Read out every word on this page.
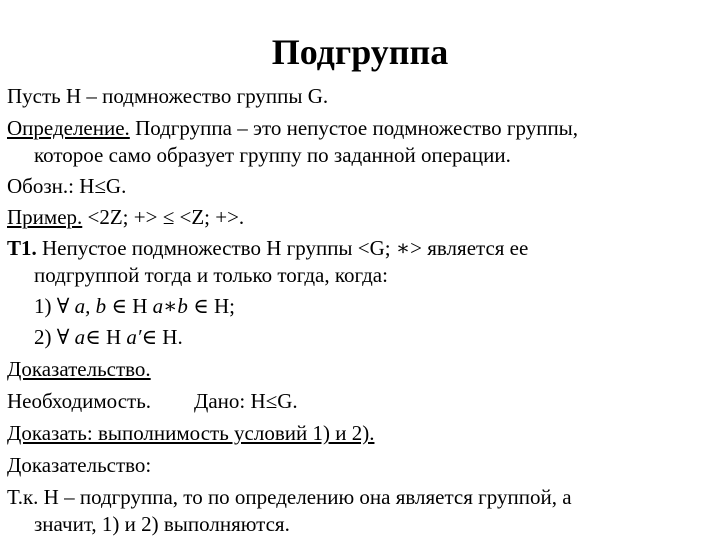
Подгруппа
Пусть H – подмножество группы G.
Определение. Подгруппа – это непустое подмножество группы,
которое само образует группу по заданной операции.
Обозн.: H≤G.
Пример. <2Z; +> ≤ <Z; +>.
Т1. Непустое подмножество H группы <G; ∗> является ее
подгруппой тогда и только тогда, когда:
1) ∀ a, b ∈ H a∗b ∈ H;
2) ∀ a∈ H a′∈ H.
Доказательство.
Необходимость. Дано: H≤G.
Доказать: выполнимость условий 1) и 2).
Доказательство:
Т.к. H – подгруппа, то по определению она является группой, а
значит, 1) и 2) выполняются.
